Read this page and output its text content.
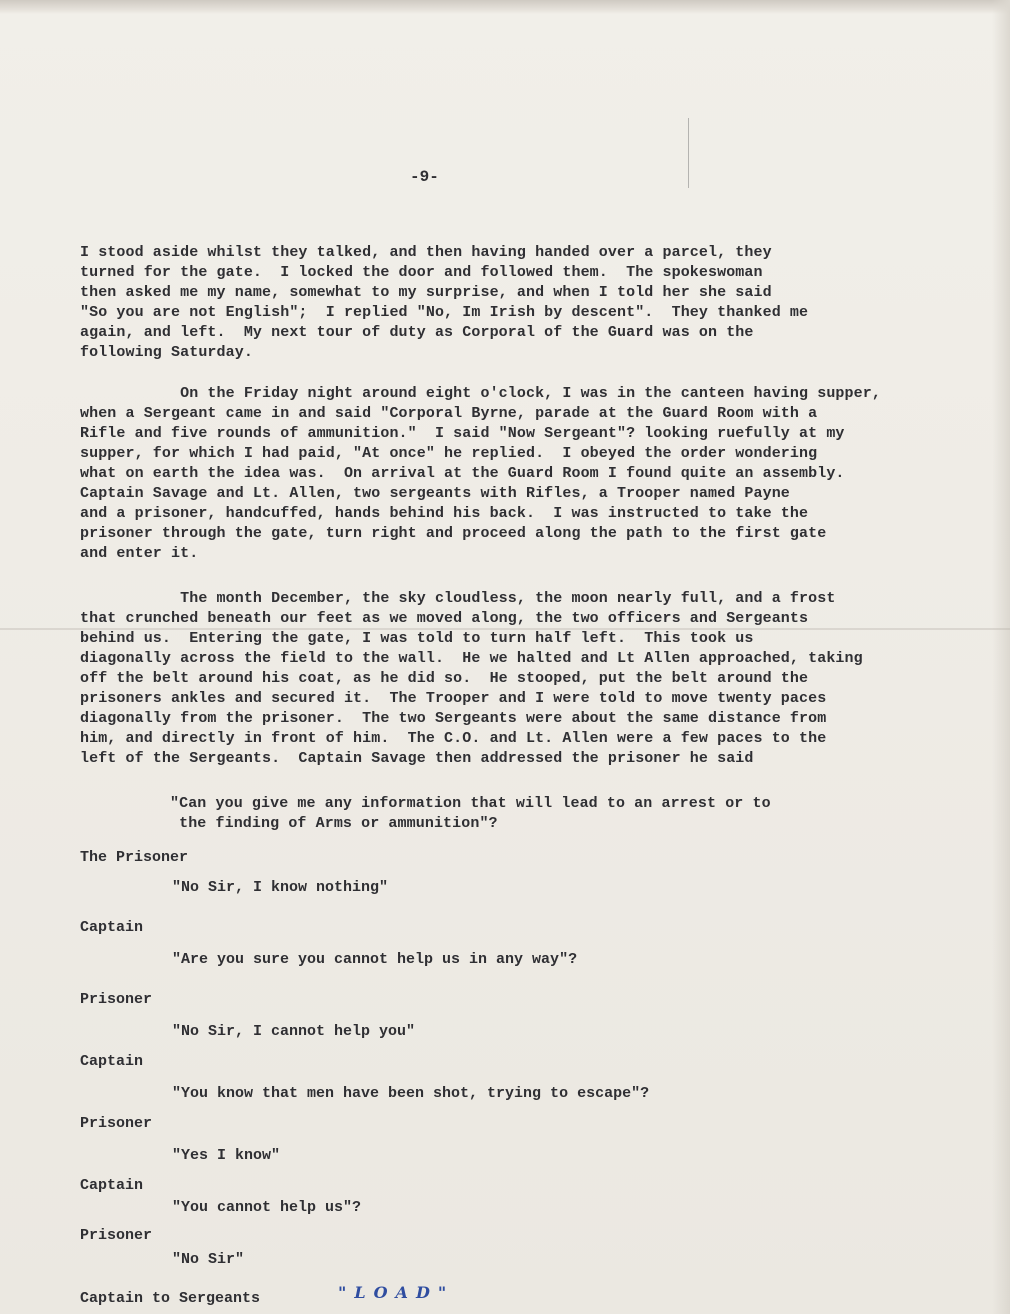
-9-
I stood aside whilst they talked, and then having handed over a parcel, they
turned for the gate.  I locked the door and followed them.  The spokeswoman
then asked me my name, somewhat to my surprise, and when I told her she said
"So you are not English";  I replied "No, Im Irish by descent".  They thanked me
again, and left.  My next tour of duty as Corporal of the Guard was on the
following Saturday.
On the Friday night around eight o'clock, I was in the canteen having supper,
when a Sergeant came in and said "Corporal Byrne, parade at the Guard Room with a
Rifle and five rounds of ammunition."  I said "Now Sergeant"? looking ruefully at my
supper, for which I had paid, "At once" he replied.  I obeyed the order wondering
what on earth the idea was.  On arrival at the Guard Room I found quite an assembly.
Captain Savage and Lt. Allen, two sergeants with Rifles, a Trooper named Payne
and a prisoner, handcuffed, hands behind his back.  I was instructed to take the
prisoner through the gate, turn right and proceed along the path to the first gate
and enter it.
The month December, the sky cloudless, the moon nearly full, and a frost
that crunched beneath our feet as we moved along, the two officers and Sergeants
behind us.  Entering the gate, I was told to turn half left.  This took us
diagonally across the field to the wall.  He we halted and Lt Allen approached, taking
off the belt around his coat, as he did so.  He stooped, put the belt around the
prisoners ankles and secured it.  The Trooper and I were told to move twenty paces
diagonally from the prisoner.  The two Sergeants were about the same distance from
him, and directly in front of him.  The C.O. and Lt. Allen were a few paces to the
left of the Sergeants.  Captain Savage then addressed the prisoner he said
"Can you give me any information that will lead to an arrest or to
the finding of Arms or ammunition"?
The Prisoner
"No Sir, I know nothing"
Captain
"Are you sure you cannot help us in any way"?
Prisoner
"No Sir, I cannot help you"
Captain
"You know that men have been shot, trying to escape"?
Prisoner
"Yes I know"
Captain
"You cannot help us"?
Prisoner
"No Sir"
Captain to Sergeants	"LOAD"
